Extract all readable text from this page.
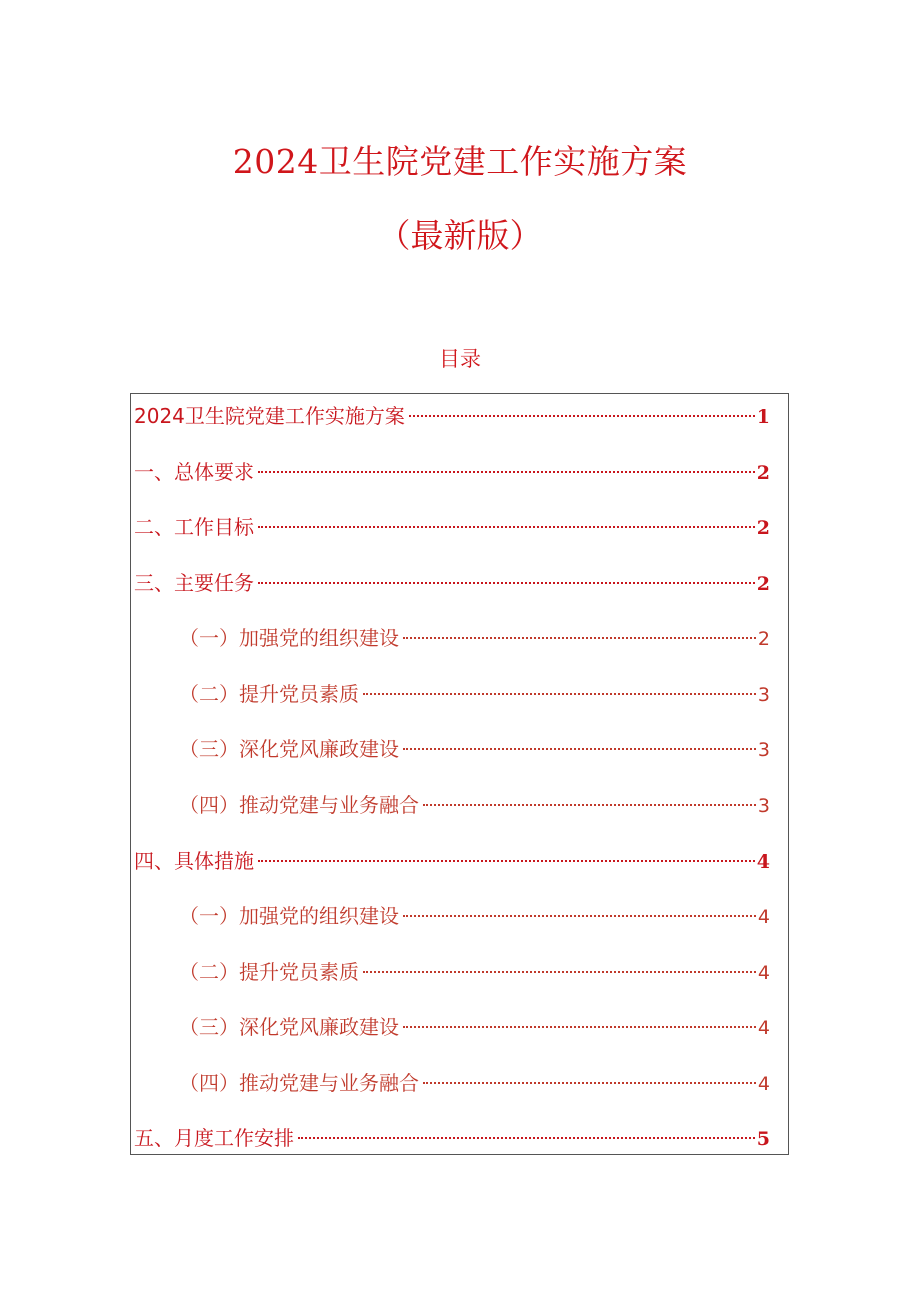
2024卫生院党建工作实施方案
（最新版）
目录
2024卫生院党建工作实施方案	1
一、总体要求	2
二、工作目标	2
三、主要任务	2
（一）加强党的组织建设	2
（二）提升党员素质	3
（三）深化党风廉政建设	3
（四）推动党建与业务融合	3
四、具体措施	4
（一）加强党的组织建设	4
（二）提升党员素质	4
（三）深化党风廉政建设	4
（四）推动党建与业务融合	4
五、月度工作安排	5
